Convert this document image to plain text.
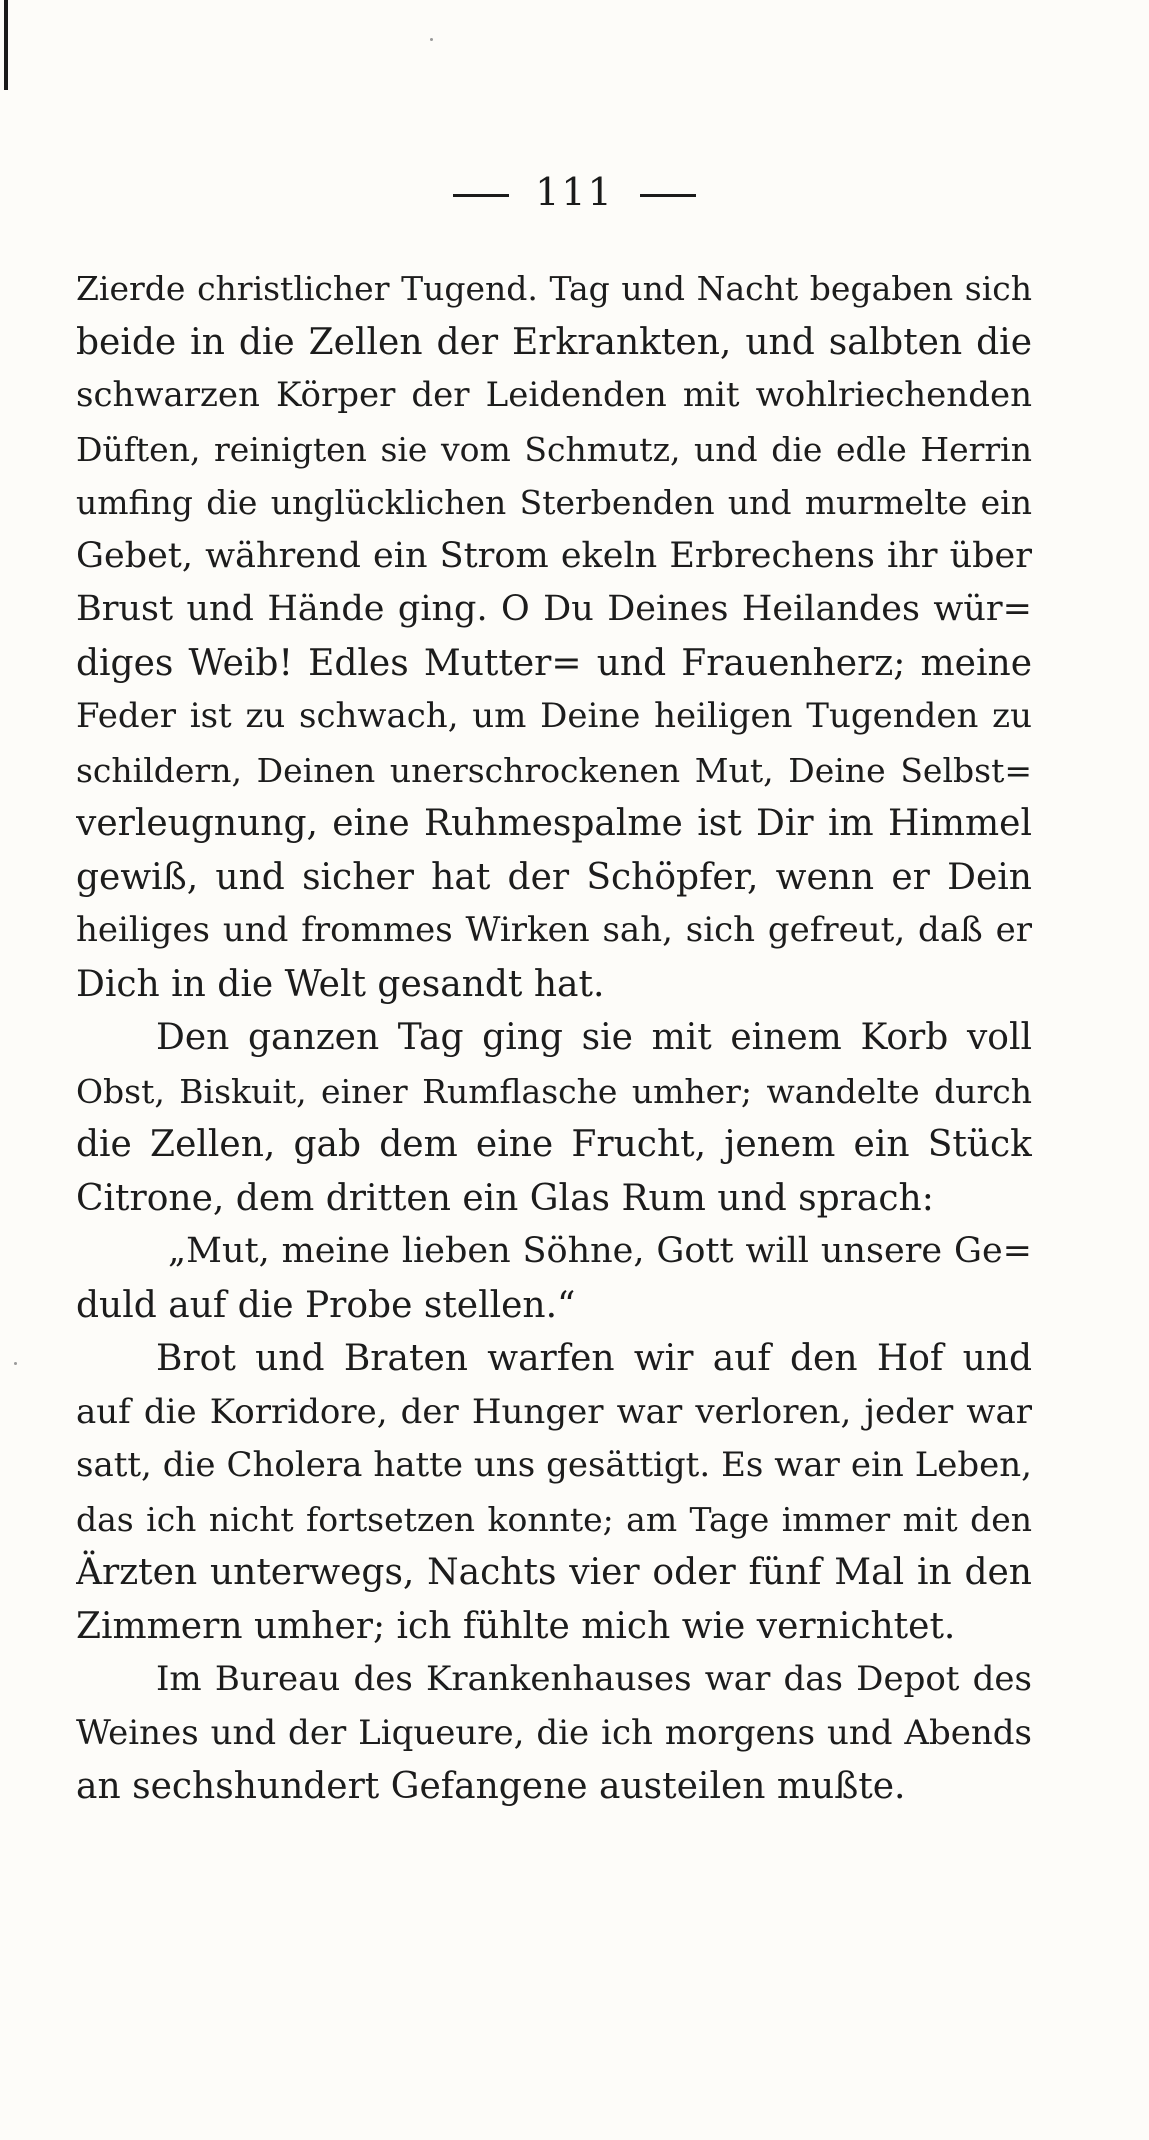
111
Zierde christlicher Tugend. Tag und Nacht begaben sich
beide in die Zellen der Erkrankten, und salbten die
schwarzen Körper der Leidenden mit wohlriechenden
Düften, reinigten sie vom Schmutz, und die edle Herrin
umfing die unglücklichen Sterbenden und murmelte ein
Gebet, während ein Strom ekeln Erbrechens ihr über
Brust und Hände ging. O Du Deines Heilandes wür=
diges Weib! Edles Mutter= und Frauenherz; meine
Feder ist zu schwach, um Deine heiligen Tugenden zu
schildern, Deinen unerschrockenen Mut, Deine Selbst=
verleugnung, eine Ruhmespalme ist Dir im Himmel
gewiß, und sicher hat der Schöpfer, wenn er Dein
heiliges und frommes Wirken sah, sich gefreut, daß er
Dich in die Welt gesandt hat.
Den ganzen Tag ging sie mit einem Korb voll
Obst, Biskuit, einer Rumflasche umher; wandelte durch
die Zellen, gab dem eine Frucht, jenem ein Stück
Citrone, dem dritten ein Glas Rum und sprach:
„Mut, meine lieben Söhne, Gott will unsere Ge=
duld auf die Probe stellen.“
Brot und Braten warfen wir auf den Hof und
auf die Korridore, der Hunger war verloren, jeder war
satt, die Cholera hatte uns gesättigt. Es war ein Leben,
das ich nicht fortsetzen konnte; am Tage immer mit den
Ärzten unterwegs, Nachts vier oder fünf Mal in den
Zimmern umher; ich fühlte mich wie vernichtet.
Im Bureau des Krankenhauses war das Depot des
Weines und der Liqueure, die ich morgens und Abends
an sechshundert Gefangene austeilen mußte.
